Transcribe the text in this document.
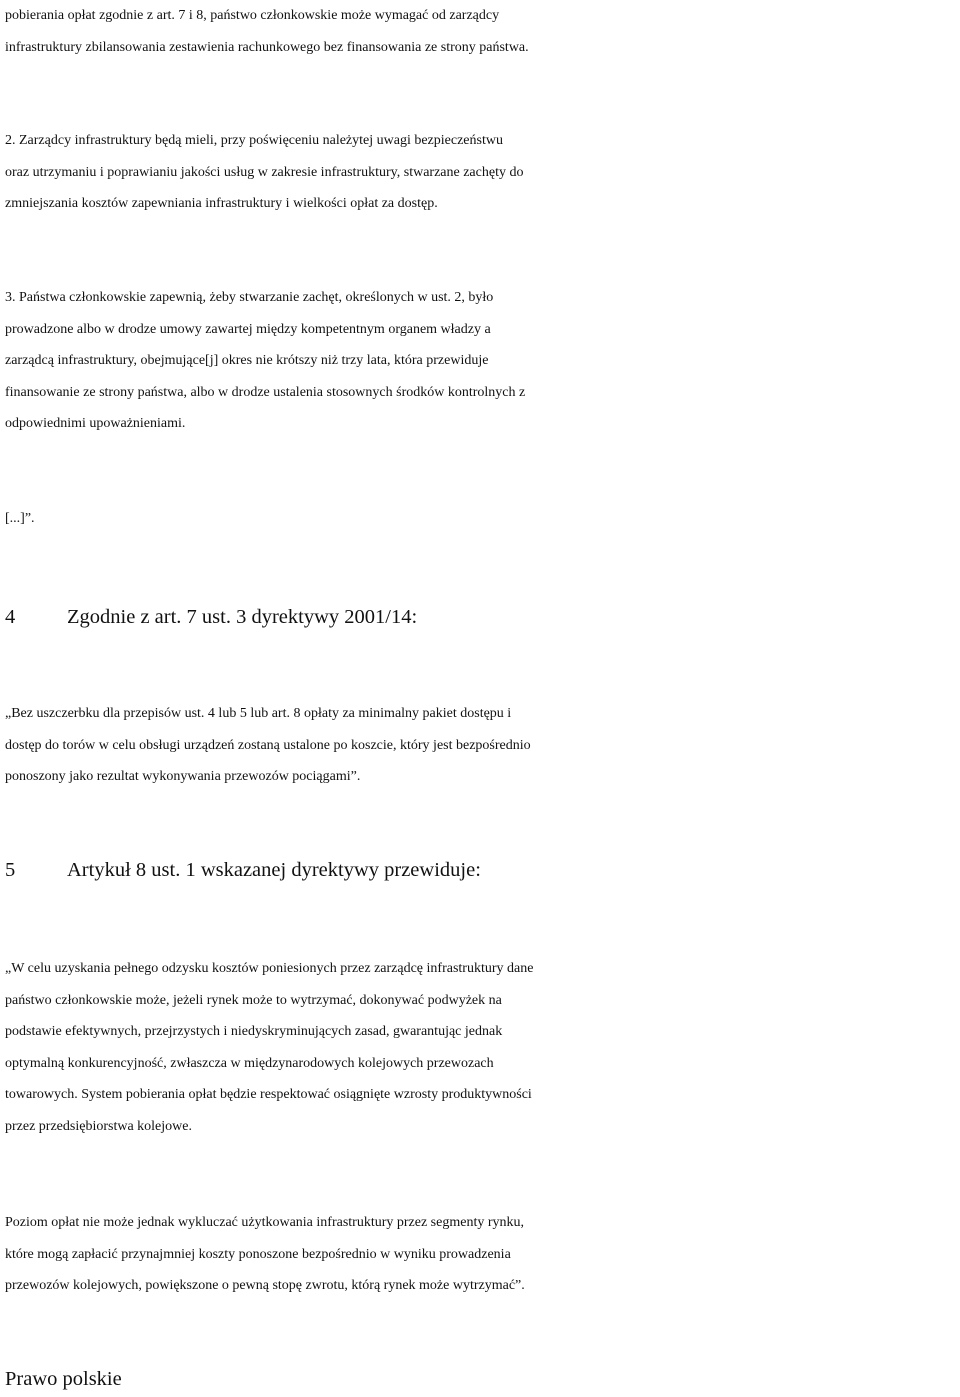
pobierania opłat zgodnie z art. 7 i 8, państwo członkowskie może wymagać od zarządcy
infrastruktury zbilansowania zestawienia rachunkowego bez finansowania ze strony państwa.
2. Zarządcy infrastruktury będą mieli, przy poświęceniu należytej uwagi bezpieczeństwu
oraz utrzymaniu i poprawianiu jakości usług w zakresie infrastruktury, stwarzane zachęty do
zmniejszania kosztów zapewniania infrastruktury i wielkości opłat za dostęp.
3. Państwa członkowskie zapewnią, żeby stwarzanie zachęt, określonych w ust. 2, było
prowadzone albo w drodze umowy zawartej między kompetentnym organem władzy a
zarządcą infrastruktury, obejmujące[j] okres nie krótszy niż trzy lata, która przewiduje
finansowanie ze strony państwa, albo w drodze ustalenia stosownych środków kontrolnych z
odpowiednimi upoważnieniami.
[...]”.
4	Zgodnie z art. 7 ust. 3 dyrektywy 2001/14:
„Bez uszczerbku dla przepisów ust. 4 lub 5 lub art. 8 opłaty za minimalny pakiet dostępu i
dostęp do torów w celu obsługi urządzeń zostaną ustalone po koszcie, który jest bezpośrednio
ponoszony jako rezultat wykonywania przewozów pociągami”.
5	Artykuł 8 ust. 1 wskazanej dyrektywy przewiduje:
„W celu uzyskania pełnego odzysku kosztów poniesionych przez zarządcę infrastruktury dane
państwo członkowskie może, jeżeli rynek może to wytrzymać, dokonywać podwyżek na
podstawie efektywnych, przejrzystych i niedyskryminujących zasad, gwarantując jednak
optymalną konkurencyjność, zwłaszcza w międzynarodowych kolejowych przewozach
towarowych. System pobierania opłat będzie respektować osiągnięte wzrosty produktywności
przez przedsiębiorstwa kolejowe.
Poziom opłat nie może jednak wykluczać użytkowania infrastruktury przez segmenty rynku,
które mogą zapłacić przynajmniej koszty ponoszone bezpośrednio w wyniku prowadzenia
przewozów kolejowych, powiększone o pewną stopę zwrotu, którą rynek może wytrzymać”.
Prawo polskie
